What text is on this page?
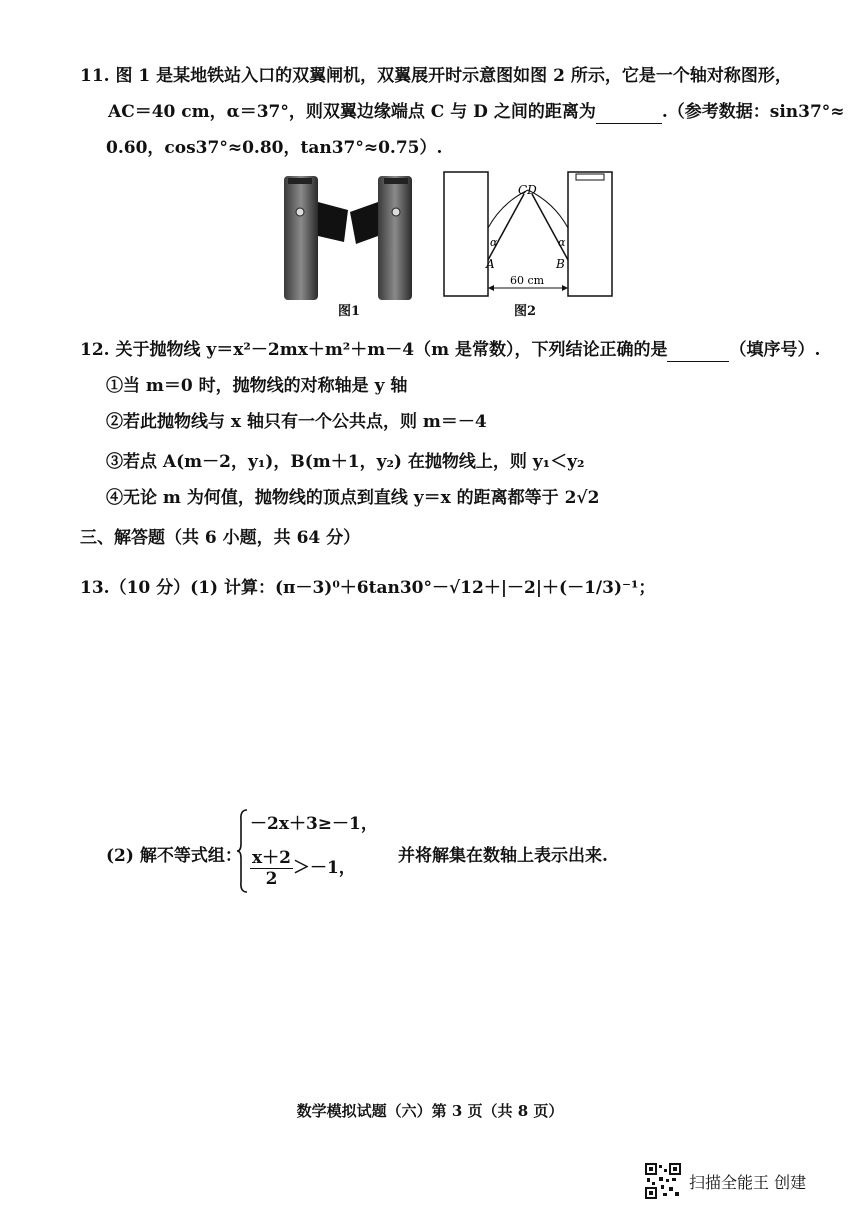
11. 图 1 是某地铁站入口的双翼闸机，双翼展开时示意图如图 2 所示，它是一个轴对称图形，
AC＝40 cm，α＝37°，则双翼边缘端点 C 与 D 之间的距离为	.（参考数据：sin37°≈
0.60，cos37°≈0.80，tan37°≈0.75）.
图1
CD
α	α
A	B
60 cm
图2
12. 关于抛物线 y＝x²－2mx＋m²＋m－4（m 是常数），下列结论正确的是	（填序号）.
①当 m＝0 时，抛物线的对称轴是 y 轴
②若此抛物线与 x 轴只有一个公共点，则 m＝－4
③若点 A(m－2，y₁)，B(m＋1，y₂) 在抛物线上，则 y₁＜y₂
④无论 m 为何值，抛物线的顶点到直线 y＝x 的距离都等于 2√2
三、解答题（共 6 小题，共 64 分）
13.（10 分）(1) 计算：(π－3)⁰＋6tan30°－√12＋|－2|＋(－1/3)⁻¹；
(2) 解不等式组：
－2x＋3≥－1，
$\frac{x+2}{2} >-1$，
并将解集在数轴上表示出来.
数学模拟试题（六）第 3 页（共 8 页）
扫描全能王 创建
